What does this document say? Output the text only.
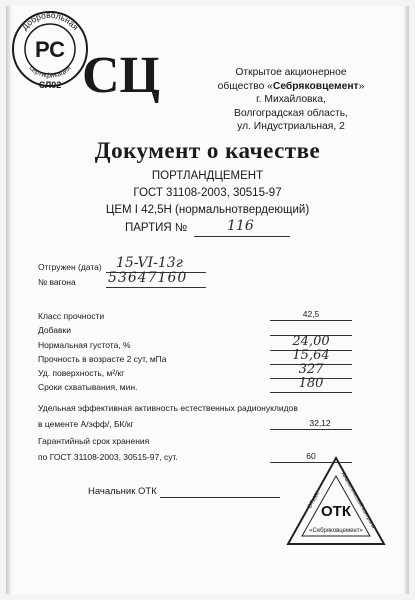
Добровольная
сертификация
РС
СЛ02 СЦ	Открытое акционерное
общество «Себряковцемент»
г. Михайловка,
Волгоградская область,
ул. Индустриальная, 2
Документ о качестве
ПОРТЛАНДЦЕМЕНТ
ГОСТ 31108-2003, 30515-97
ЦЕМ I 42,5Н (нормальнотвердеющий)
ПАРТИЯ №	116
Отгружен (дата) 15-VI-13г
№ вагона 53647160
Класс прочности	42,5
Добавки
Нормальная густота, %	24,00
Прочность в возрасте 2 сут, мПа	15,64
Уд. поверхность, м²/кг	327
Сроки схватывания, мин.	180
Удельная эффективная активность естественных радионуклидов
в цементе А/эфф/, БК/кг	32,12
Гарантийный срок хранения
по ГОСТ 31108-2003, 30515-97, сут.	60
Начальник ОТК
ОТиКК
Аналитический контроль
ОТК
«Себряковцемент»
